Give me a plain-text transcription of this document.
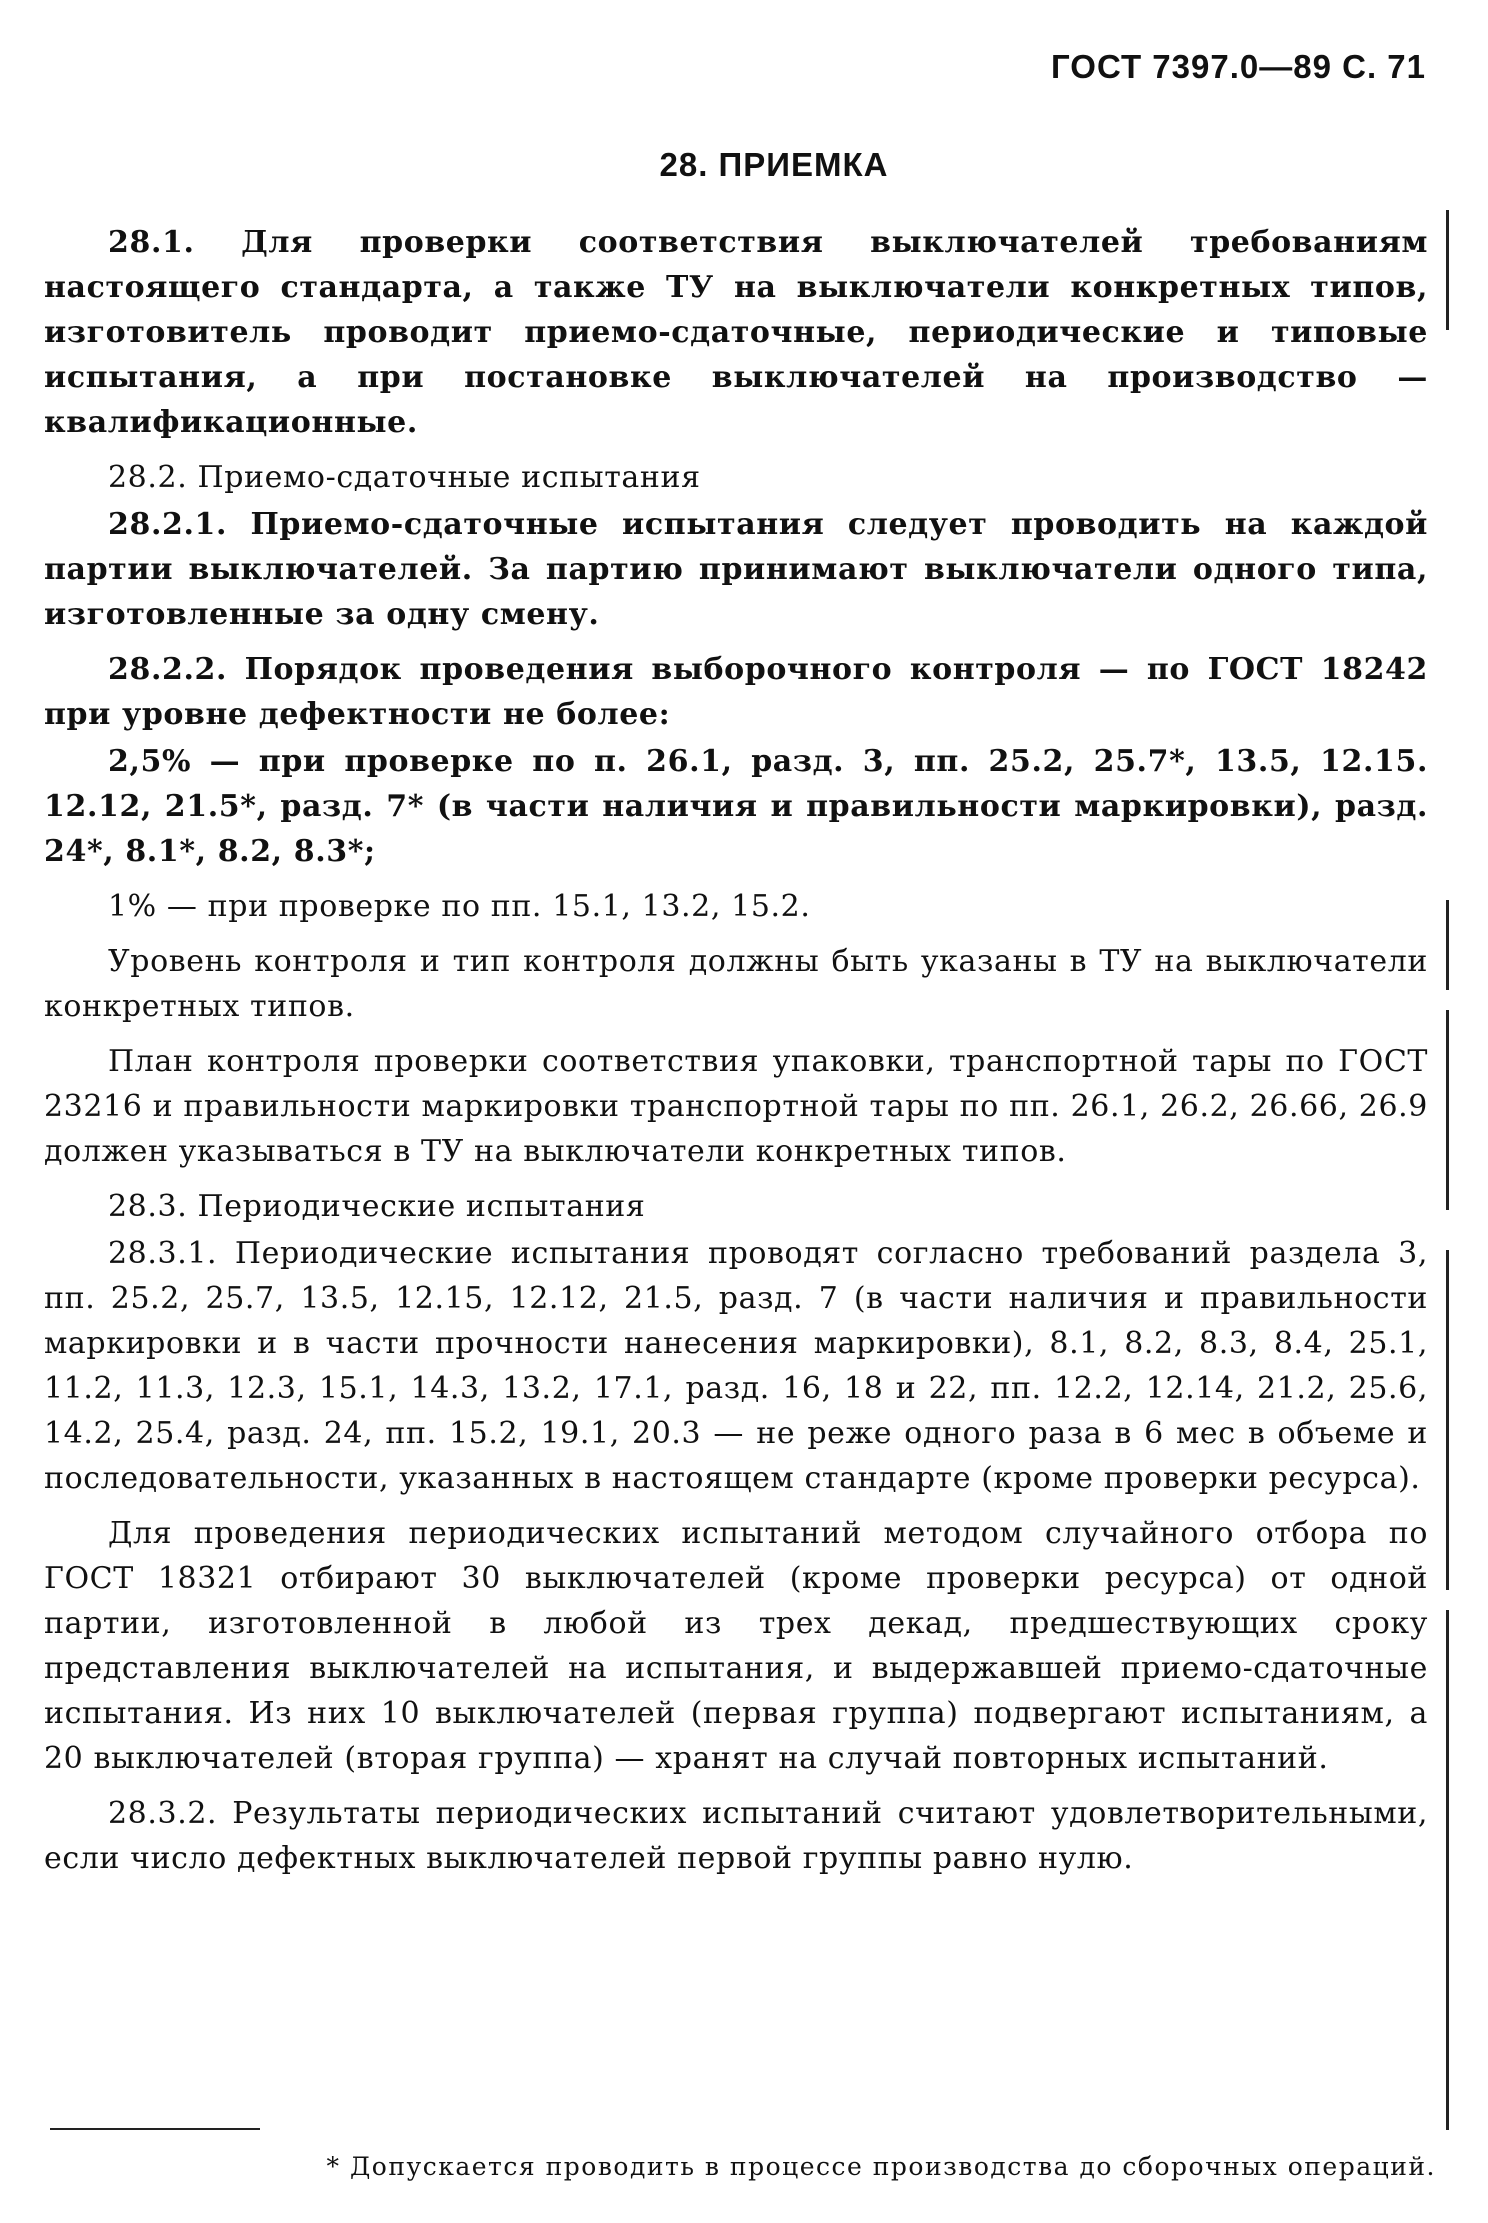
ГОСТ 7397.0—89 С. 71
28. ПРИЕМКА

28.1. Для проверки соответствия выключателей требованиям настоящего стандарта, а также ТУ на выключатели конкретных типов, изготовитель проводит приемо-сдаточные, периодические и типовые испытания, а при постановке выключателей на производство — квалификационные.

28.2. Приемо-сдаточные испытания

28.2.1. Приемо-сдаточные испытания следует проводить на каждой партии выключателей. За партию принимают выключатели одного типа, изготовленные за одну смену.

28.2.2. Порядок проведения выборочного контроля — по ГОСТ 18242 при уровне дефектности не более:

2,5% — при проверке по п. 26.1, разд. 3, пп. 25.2, 25.7*, 13.5, 12.15. 12.12, 21.5*, разд. 7* (в части наличия и правильности маркировки), разд. 24*, 8.1*, 8.2, 8.3*;

1% — при проверке по пп. 15.1, 13.2, 15.2.

Уровень контроля и тип контроля должны быть указаны в ТУ на выключатели конкретных типов.

План контроля проверки соответствия упаковки, транспортной тары по ГОСТ 23216 и правильности маркировки транспортной тары по пп. 26.1, 26.2, 26.66, 26.9 должен указываться в ТУ на выключатели конкретных типов.

28.3. Периодические испытания

28.3.1. Периодические испытания проводят согласно требований раздела 3, пп. 25.2, 25.7, 13.5, 12.15, 12.12, 21.5, разд. 7 (в части наличия и правильности маркировки и в части прочности нанесения маркировки), 8.1, 8.2, 8.3, 8.4, 25.1, 11.2, 11.3, 12.3, 15.1, 14.3, 13.2, 17.1, разд. 16, 18 и 22, пп. 12.2, 12.14, 21.2, 25.6, 14.2, 25.4, разд. 24, пп. 15.2, 19.1, 20.3 — не реже одного раза в 6 мес в объеме и последовательности, указанных в настоящем стандарте (кроме проверки ресурса).

Для проведения периодических испытаний методом случайного отбора по ГОСТ 18321 отбирают 30 выключателей (кроме проверки ресурса) от одной партии, изготовленной в любой из трех декад, предшествующих сроку представления выключателей на испытания, и выдержавшей приемо-сдаточные испытания. Из них 10 выключателей (первая группа) подвергают испытаниям, а 20 выключателей (вторая группа) — хранят на случай повторных испытаний.

28.3.2. Результаты периодических испытаний считают удовлетворительными, если число дефектных выключателей первой группы равно нулю.

* Допускается проводить в процессе производства до сборочных операций.
